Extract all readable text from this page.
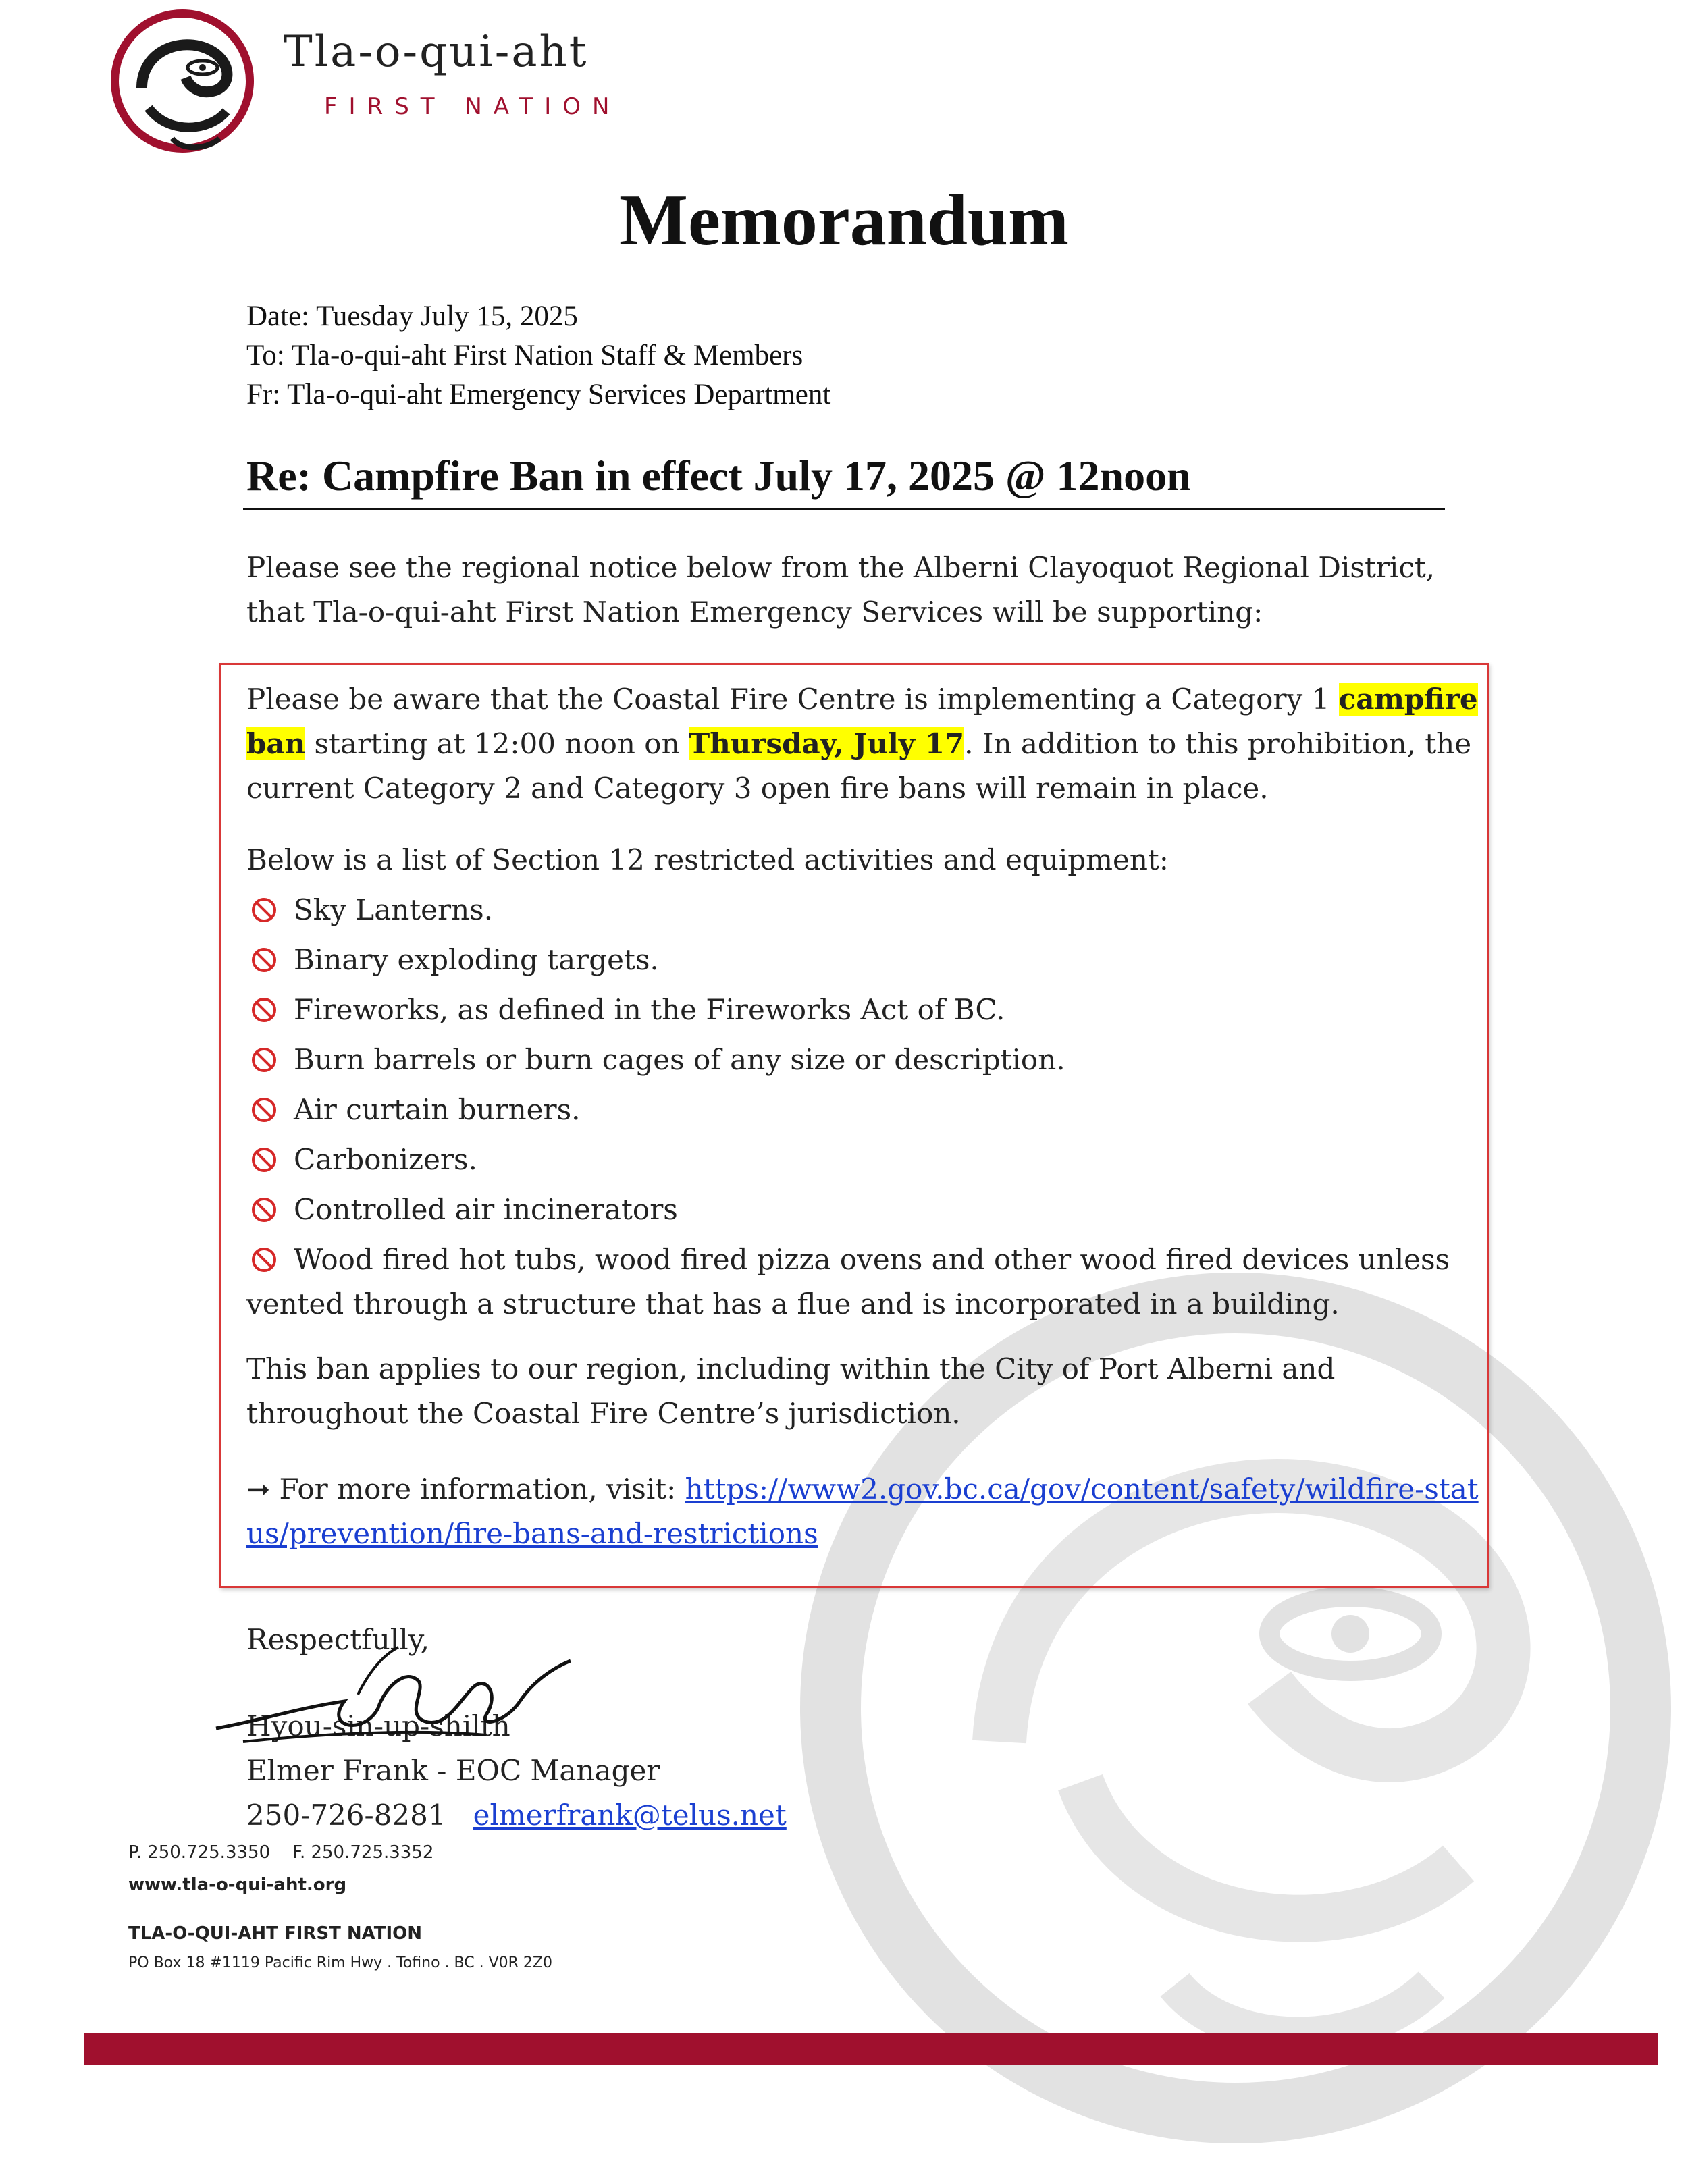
Tla-o-qui-aht
FIRST NATION
Memorandum
Date: Tuesday July 15, 2025
To: Tla-o-qui-aht First Nation Staff & Members
Fr: Tla-o-qui-aht Emergency Services Department
Re: Campfire Ban in effect July 17, 2025 @ 12noon
Please see the regional notice below from the Alberni Clayoquot Regional District, that Tla-o-qui-aht First Nation Emergency Services will be supporting:

Please be aware that the Coastal Fire Centre is implementing a Category 1 campfire ban starting at 12:00 noon on Thursday, July 17. In addition to this prohibition, the current Category 2 and Category 3 open fire bans will remain in place.

Below is a list of Section 12 restricted activities and equipment:

Sky Lanterns.
Binary exploding targets.
Fireworks, as defined in the Fireworks Act of BC.
Burn barrels or burn cages of any size or description.
Air curtain burners.
Carbonizers.
Controlled air incinerators
Wood fired hot tubs, wood fired pizza ovens and other wood fired devices unless vented through a structure that has a flue and is incorporated in a building.

This ban applies to our region, including within the City of Port Alberni and throughout the Coastal Fire Centre’s jurisdiction.

➞ For more information, visit: https://www2.gov.bc.ca/gov/content/safety/wildfire-status/prevention/fire-bans-and-restrictions

Respectfully,
Hyou-sin-up-shilth
Elmer Frank - EOC Manager
250-726-8281 elmerfrank@telus.net
P. 250.725.3350    F. 250.725.3352
www.tla-o-qui-aht.org
TLA-O-QUI-AHT FIRST NATION
PO Box 18 #1119 Pacific Rim Hwy . Tofino . BC . V0R 2Z0
